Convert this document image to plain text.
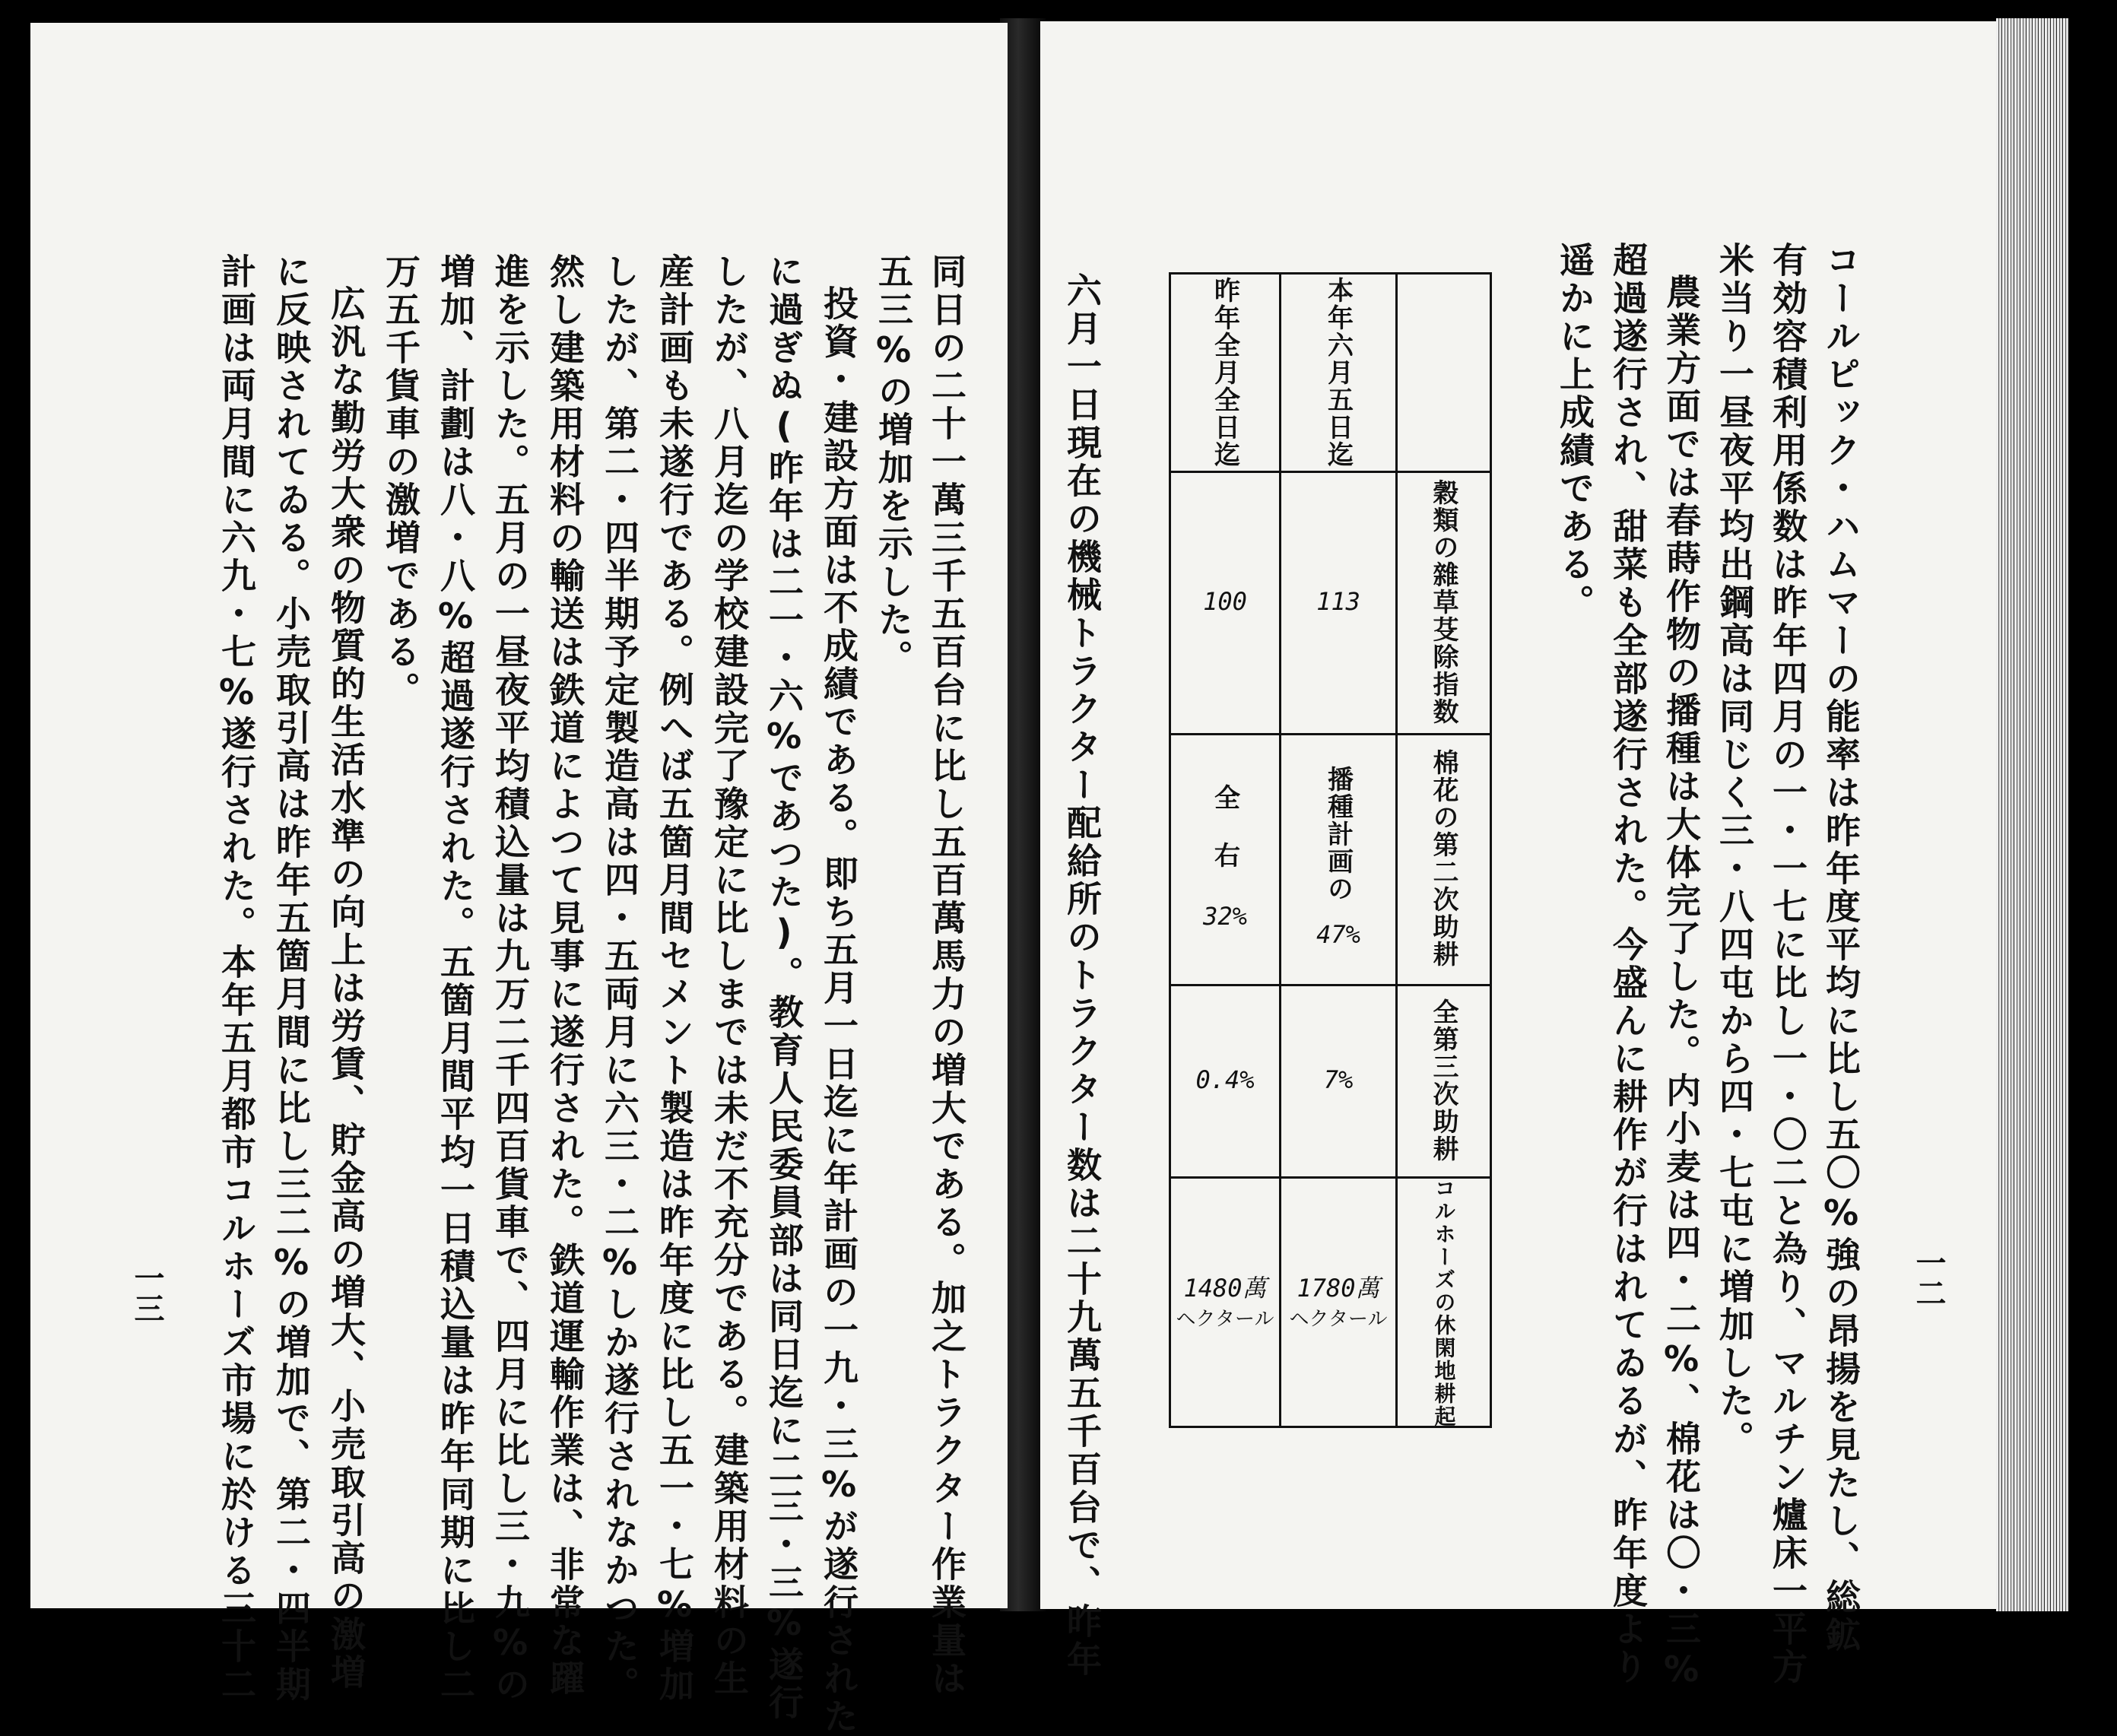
同日の二十一萬三千五百台に比し五百萬馬力の増大である。加之トラクター作業量は
五三%の増加を示した。
投資・建設方面は不成績である。即ち五月一日迄に年計画の一九・三%が遂行された
に過ぎぬ(昨年は二一・六%であつた)。教育人民委員部は同日迄に二三・三%遂行
したが、八月迄の学校建設完了豫定に比しまでは未だ不充分である。建築用材料の生
産計画も未遂行である。例へば五箇月間セメント製造は昨年度に比し五一・七%増加
したが、第二・四半期予定製造高は四・五両月に六三・二%しか遂行されなかつた。
然し建築用材料の輸送は鉄道によつて見事に遂行された。鉄道運輸作業は、非常な躍
進を示した。五月の一昼夜平均積込量は九万二千四百貨車で、四月に比し三・九%の
増加、計劃は八・八%超過遂行された。五箇月間平均一日積込量は昨年同期に比し二
万五千貨車の激増である。
広汎な勤労大衆の物質的生活水準の向上は労賃、貯金高の増大、小売取引高の激増
に反映されてゐる。小売取引高は昨年五箇月間に比し三二%の増加で、第二・四半期
計画は両月間に六九・七%遂行された。本年五月都市コルホーズ市場に於ける三十二
一三	一二
コールピック・ハムマーの能率は昨年度平均に比し五〇%強の昂揚を見たし、総鉱
有効容積利用係数は昨年四月の一・一七に比し一・〇二と為り、マルチン爐床一平方
米当り一昼夜平均出鋼高は同じく三・八四屯から四・七屯に増加した。
農業方面では春蒔作物の播種は大体完了した。内小麦は四・二%、棉花は〇・三%
超過遂行され、甜菜も全部遂行された。今盛んに耕作が行はれてゐるが、昨年度より
遥かに上成績である。
昨年全月全日迄
100
全
右
32%
0.4%
1480萬
ヘクタール
本年六月五日迄
113
播種計画の
47%
7%
1780萬
ヘクタール
穀類の雜草芟除指数
棉花の第二次助耕
全第三次助耕
コルホーズの休閑地耕起
六月一日現在の機械トラクター配給所のトラクター数は二十九萬五千百台で、昨年
